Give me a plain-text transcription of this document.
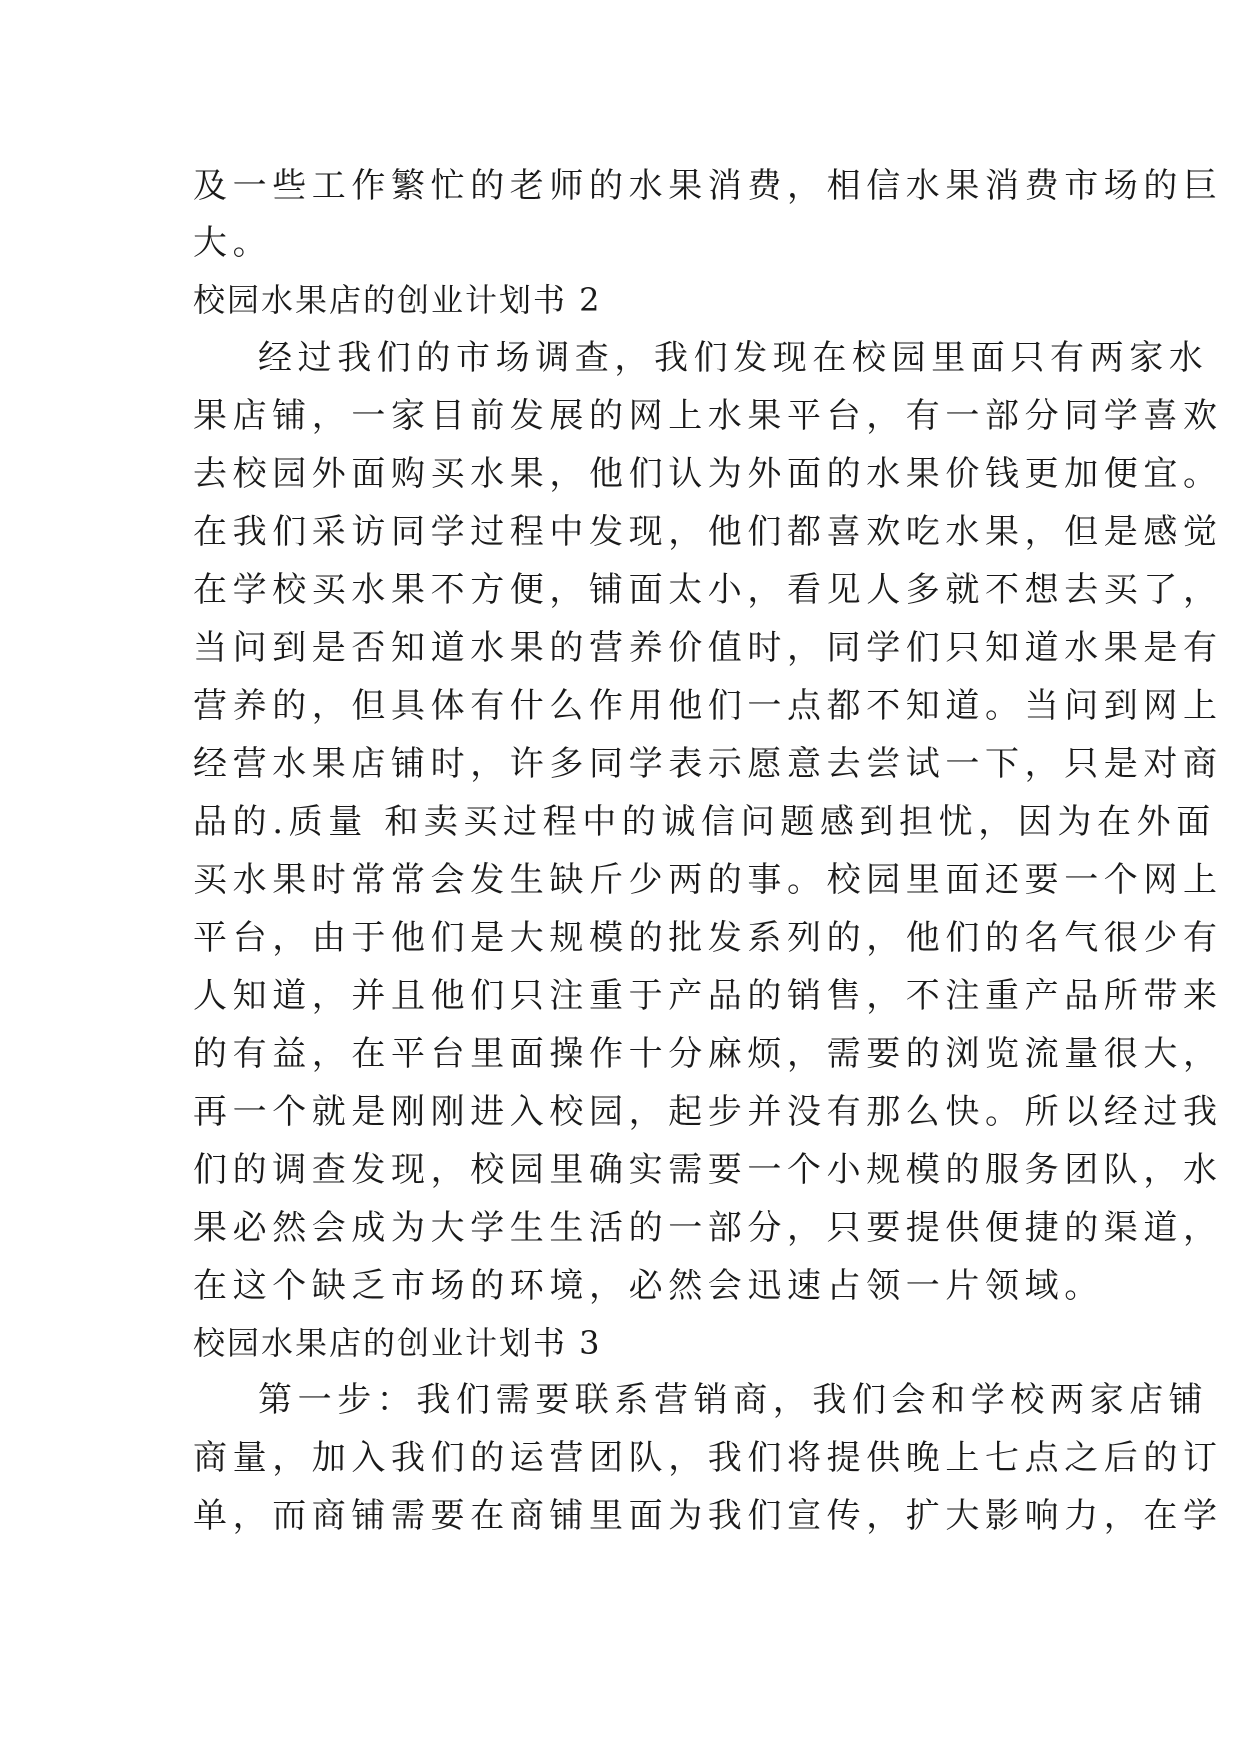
及一些工作繁忙的老师的水果消费，相信水果消费市场的巨
大。
校园水果店的创业计划书 2
经过我们的市场调查，我们发现在校园里面只有两家水
果店铺，一家目前发展的网上水果平台，有一部分同学喜欢
去校园外面购买水果，他们认为外面的水果价钱更加便宜。
在我们采访同学过程中发现，他们都喜欢吃水果，但是感觉
在学校买水果不方便，铺面太小，看见人多就不想去买了，
当问到是否知道水果的营养价值时，同学们只知道水果是有
营养的，但具体有什么作用他们一点都不知道。当问到网上
经营水果店铺时，许多同学表示愿意去尝试一下，只是对商
品的.质量 和卖买过程中的诚信问题感到担忧，因为在外面
买水果时常常会发生缺斤少两的事。校园里面还要一个网上
平台，由于他们是大规模的批发系列的，他们的名气很少有
人知道，并且他们只注重于产品的销售，不注重产品所带来
的有益，在平台里面操作十分麻烦，需要的浏览流量很大，
再一个就是刚刚进入校园，起步并没有那么快。所以经过我
们的调查发现，校园里确实需要一个小规模的服务团队，水
果必然会成为大学生生活的一部分，只要提供便捷的渠道，
在这个缺乏市场的环境，必然会迅速占领一片领域。
校园水果店的创业计划书 3
第一步：我们需要联系营销商，我们会和学校两家店铺
商量，加入我们的运营团队，我们将提供晚上七点之后的订
单，而商铺需要在商铺里面为我们宣传，扩大影响力，在学
